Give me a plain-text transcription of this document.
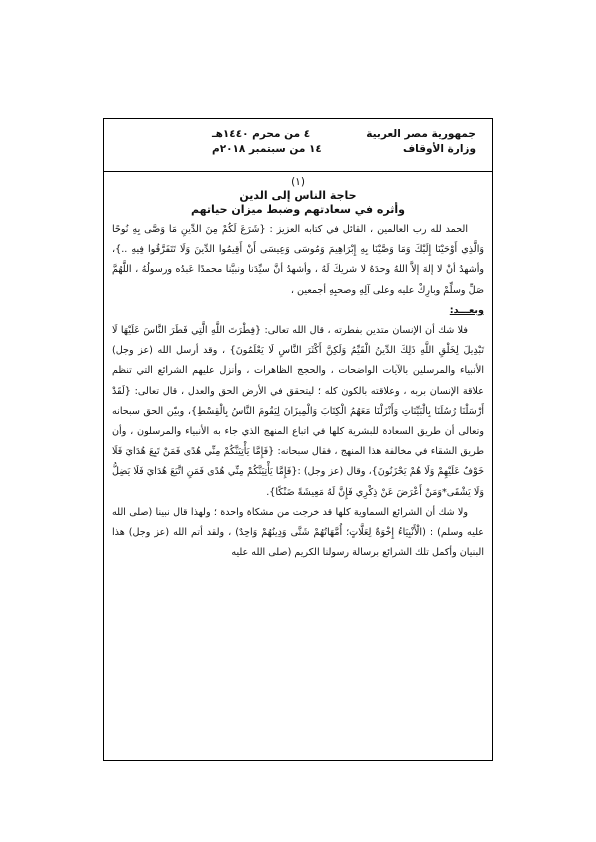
جمهورية مصر العربية
وزارة الأوقاف
٤ من محرم ١٤٤٠هـ
١٤ من سبتمبر ٢٠١٨م
(١)
حاجة الناس إلى الدين
وأثره في سعادتهم وضبط ميزان حياتهم

الحمد لله رب العالمين ، القائل في كتابه العزيز : {شَرَعَ لَكُمْ مِنَ الدِّينِ مَا وَصَّى بِهِ نُوحًا وَالَّذِي أَوْحَيْنَا إِلَيْكَ وَمَا وَصَّيْنَا بِهِ إِبْرَاهِيمَ وَمُوسَى وَعِيسَى أَنْ أَقِيمُوا الدِّينَ وَلَا تَتَفَرَّقُوا فِيهِ ..}، وأشهدُ أنْ لا إلهَ إلاَّ اللهُ وحدَهُ لا شريكَ لَهُ ، وأشهدُ أنَّ سيِّدَنا ونبيَّنا محمدًا عَبدُه ورسولُهُ ، اللَّهُمَّ صَلِّ وسلِّمْ وبارِكْ عليه وعلى آلِهِ وصحبِهِ أجمعين ،

وبعـــد:

فلا شك أن الإنسان متدين بفطرته ، قال الله تعالى: {فِطْرَتَ اللَّهِ الَّتِي فَطَرَ النَّاسَ عَلَيْهَا لَا تَبْدِيلَ لِخَلْقِ اللَّهِ ذَلِكَ الدِّينُ الْقَيِّمُ وَلَكِنَّ أَكْثَرَ النَّاسِ لَا يَعْلَمُونَ} ، وقد أرسل الله (عز وجل) الأنبياء والمرسلين بالآيات الواضحات ، والحجج الظاهرات ، وأنزل عليهم الشرائع التي تنظم علاقة الإنسان بربه ، وعلاقته بالكون كله ؛ ليتحقق في الأرض الحق والعدل ، قال تعالى: {لَقَدْ أَرْسَلْنَا رُسُلَنَا بِالْبَيِّنَاتِ وَأَنْزَلْنَا مَعَهُمُ الْكِتَابَ وَالْمِيزَانَ لِيَقُومَ النَّاسُ بِالْقِسْطِ}، وبيّن الحق سبحانه وتعالى أن طريق السعادة للبشرية كلها في اتباع المنهج الذي جاء به الأنبياء والمرسلون ، وأن طريق الشقاء في مخالفة هذا المنهج ، فقال سبحانه: {فَإِمَّا يَأْتِيَنَّكُمْ مِنِّي هُدًى فَمَنْ تَبِعَ هُدَايَ فَلَا خَوْفٌ عَلَيْهِمْ وَلَا هُمْ يَحْزَنُونَ}، وقال (عز وجل) :{فَإِمَّا يَأْتِيَنَّكُمْ مِنِّي هُدًى فَمَنِ اتَّبَعَ هُدَايَ فَلَا يَضِلُّ وَلَا يَشْقَى*وَمَنْ أَعْرَضَ عَنْ ذِكْرِي فَإِنَّ لَهُ مَعِيشَةً ضَنْكًا}.

ولا شك أن الشرائع السماوية كلها قد خرجت من مشكاة واحدة ؛ ولهذا قال نبينا (صلى الله عليه وسلم) : (الْأَنْبِيَاءُ إِخْوَةٌ لِعَلَّاتٍ؛ أُمَّهَاتُهُمْ شَتَّى وَدِينُهُمْ وَاحِدٌ) ، ولقد أتم الله (عز وجل) هذا البنيان وأكمل تلك الشرائع برسالة رسولنا الكريم (صلى الله عليه
